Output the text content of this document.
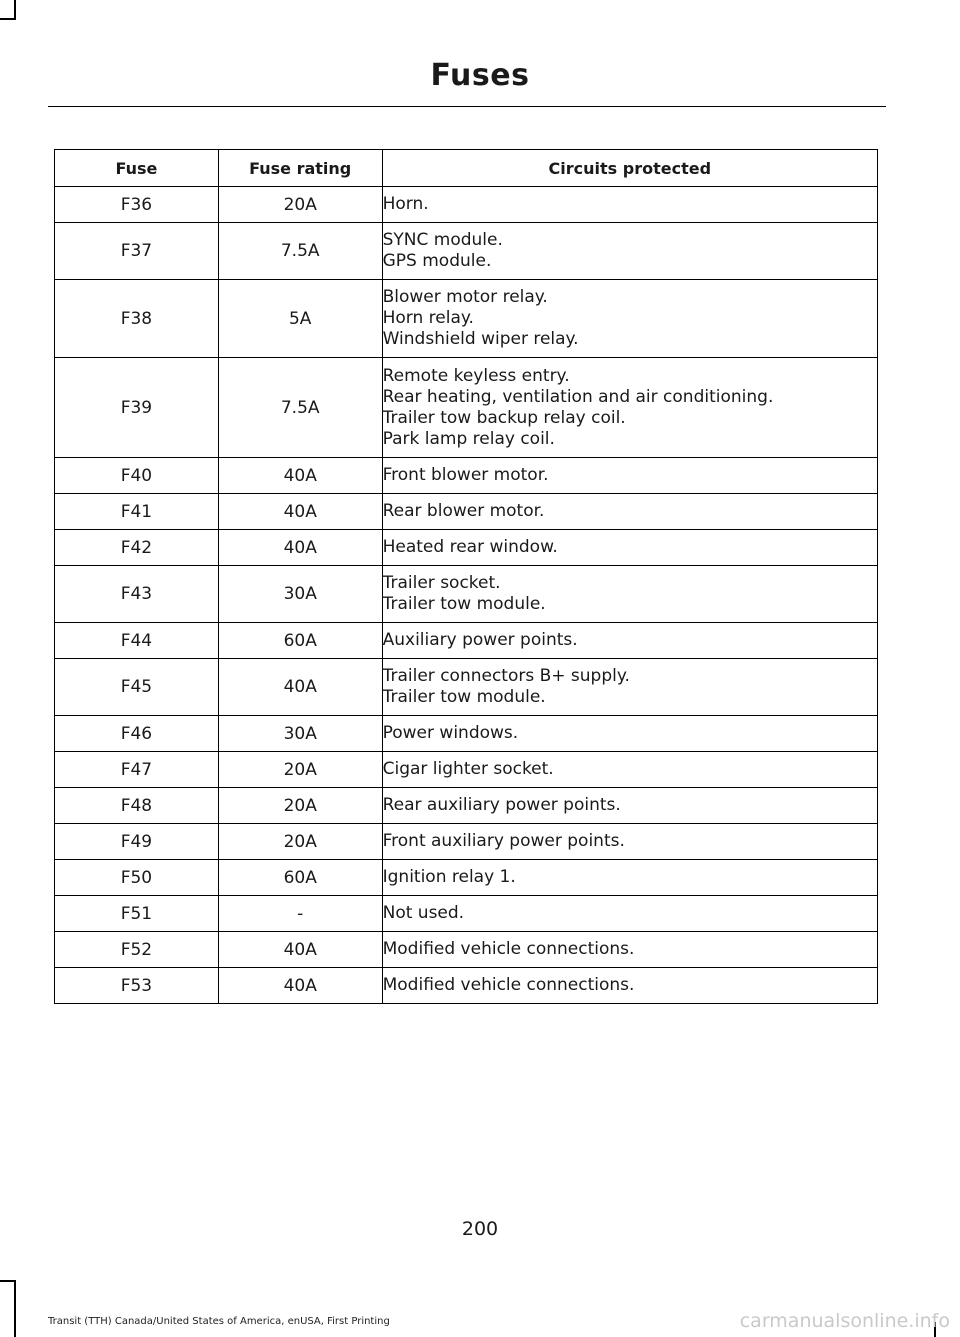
Fuses
Fuse	Fuse rating	Circuits protected
F36	20A	Horn.

F37	7.5A	SYNC module.
GPS module.

F38	5A	Blower motor relay.
Horn relay.
Windshield wiper relay.

F39	7.5A	Remote keyless entry.
Rear heating, ventilation and air conditioning.
Trailer tow backup relay coil.
Park lamp relay coil.

F40	40A	Front blower motor.

F41	40A	Rear blower motor.

F42	40A	Heated rear window.

F43	30A	Trailer socket.
Trailer tow module.

F44	60A	Auxiliary power points.

F45	40A	Trailer connectors B+ supply.
Trailer tow module.

F46	30A	Power windows.

F47	20A	Cigar lighter socket.

F48	20A	Rear auxiliary power points.

F49	20A	Front auxiliary power points.

F50	60A	Ignition relay 1.

F51	-	Not used.

F52	40A	Modified vehicle connections.

F53	40A	Modified vehicle connections.
200
Transit (TTH) Canada/United States of America, enUSA, First Printing	carmanualsonline.info
